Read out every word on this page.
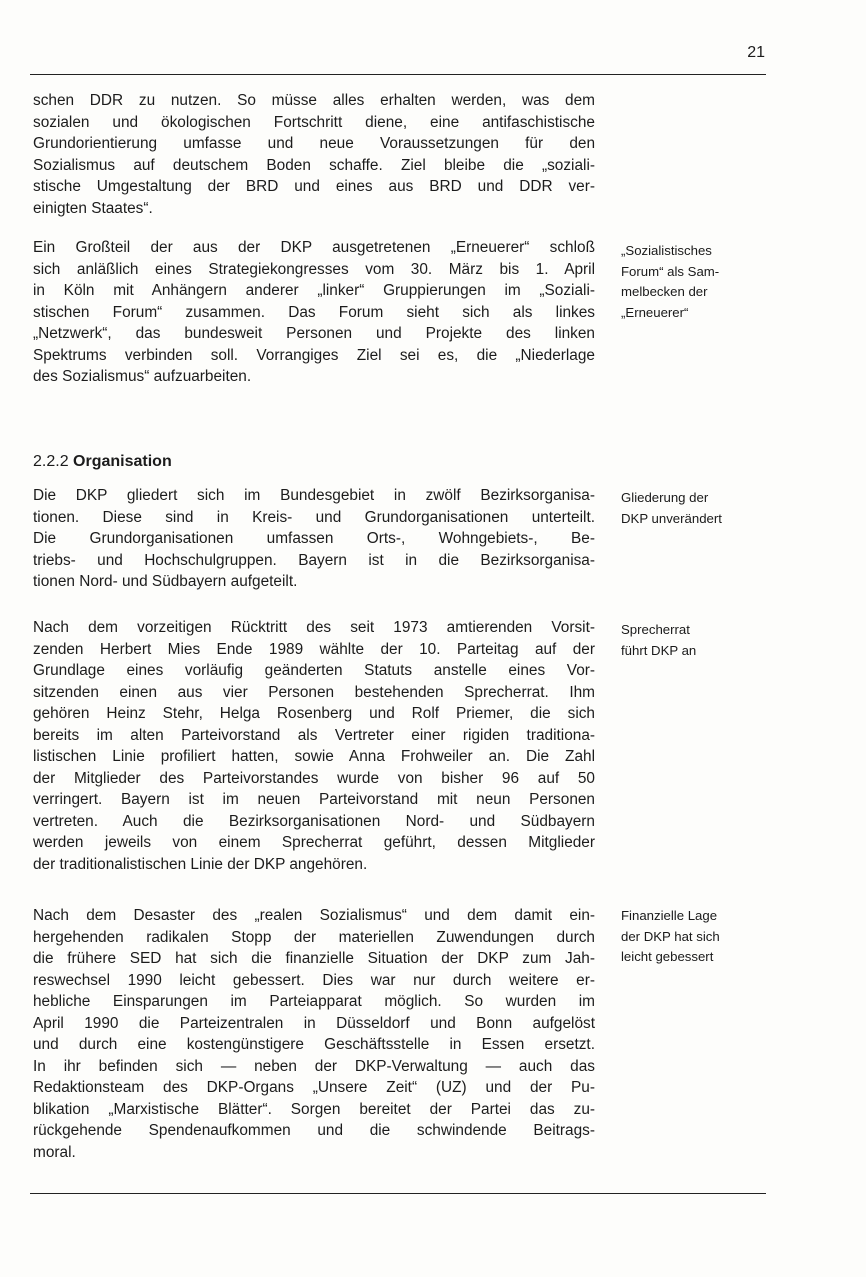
21

schen DDR zu nutzen. So müsse alles erhalten werden, was dem
sozialen und ökologischen Fortschritt diene, eine antifaschistische
Grundorientierung umfasse und neue Voraussetzungen für den
Sozialismus auf deutschem Boden schaffe. Ziel bleibe die „soziali-
stische Umgestaltung der BRD und eines aus BRD und DDR ver-
einigten Staates“.

Ein Großteil der aus der DKP ausgetretenen „Erneuerer“ schloß
sich anläßlich eines Strategiekongresses vom 30. März bis 1. April
in Köln mit Anhängern anderer „linker“ Gruppierungen im „Soziali-
stischen Forum“ zusammen. Das Forum sieht sich als linkes
„Netzwerk“, das bundesweit Personen und Projekte des linken
Spektrums verbinden soll. Vorrangiges Ziel sei es, die „Niederlage
des Sozialismus“ aufzuarbeiten.

„Sozialistisches
Forum“ als Sam-
melbecken der
„Erneuerer“

2.2.2 Organisation

Die DKP gliedert sich im Bundesgebiet in zwölf Bezirksorganisa-
tionen. Diese sind in Kreis- und Grundorganisationen unterteilt.
Die Grundorganisationen umfassen Orts-, Wohngebiets-, Be-
triebs- und Hochschulgruppen. Bayern ist in die Bezirksorganisa-
tionen Nord- und Südbayern aufgeteilt.

Gliederung der
DKP unverändert

Nach dem vorzeitigen Rücktritt des seit 1973 amtierenden Vorsit-
zenden Herbert Mies Ende 1989 wählte der 10. Parteitag auf der
Grundlage eines vorläufig geänderten Statuts anstelle eines Vor-
sitzenden einen aus vier Personen bestehenden Sprecherrat. Ihm
gehören Heinz Stehr, Helga Rosenberg und Rolf Priemer, die sich
bereits im alten Parteivorstand als Vertreter einer rigiden traditiona-
listischen Linie profiliert hatten, sowie Anna Frohweiler an. Die Zahl
der Mitglieder des Parteivorstandes wurde von bisher 96 auf 50
verringert. Bayern ist im neuen Parteivorstand mit neun Personen
vertreten. Auch die Bezirksorganisationen Nord- und Südbayern
werden jeweils von einem Sprecherrat geführt, dessen Mitglieder
der traditionalistischen Linie der DKP angehören.

Sprecherrat
führt DKP an

Nach dem Desaster des „realen Sozialismus“ und dem damit ein-
hergehenden radikalen Stopp der materiellen Zuwendungen durch
die frühere SED hat sich die finanzielle Situation der DKP zum Jah-
reswechsel 1990 leicht gebessert. Dies war nur durch weitere er-
hebliche Einsparungen im Parteiapparat möglich. So wurden im
April 1990 die Parteizentralen in Düsseldorf und Bonn aufgelöst
und durch eine kostengünstigere Geschäftsstelle in Essen ersetzt.
In ihr befinden sich — neben der DKP-Verwaltung — auch das
Redaktionsteam des DKP-Organs „Unsere Zeit“ (UZ) und der Pu-
blikation „Marxistische Blätter“. Sorgen bereitet der Partei das zu-
rückgehende Spendenaufkommen und die schwindende Beitrags-
moral.

Finanzielle Lage
der DKP hat sich
leicht gebessert
